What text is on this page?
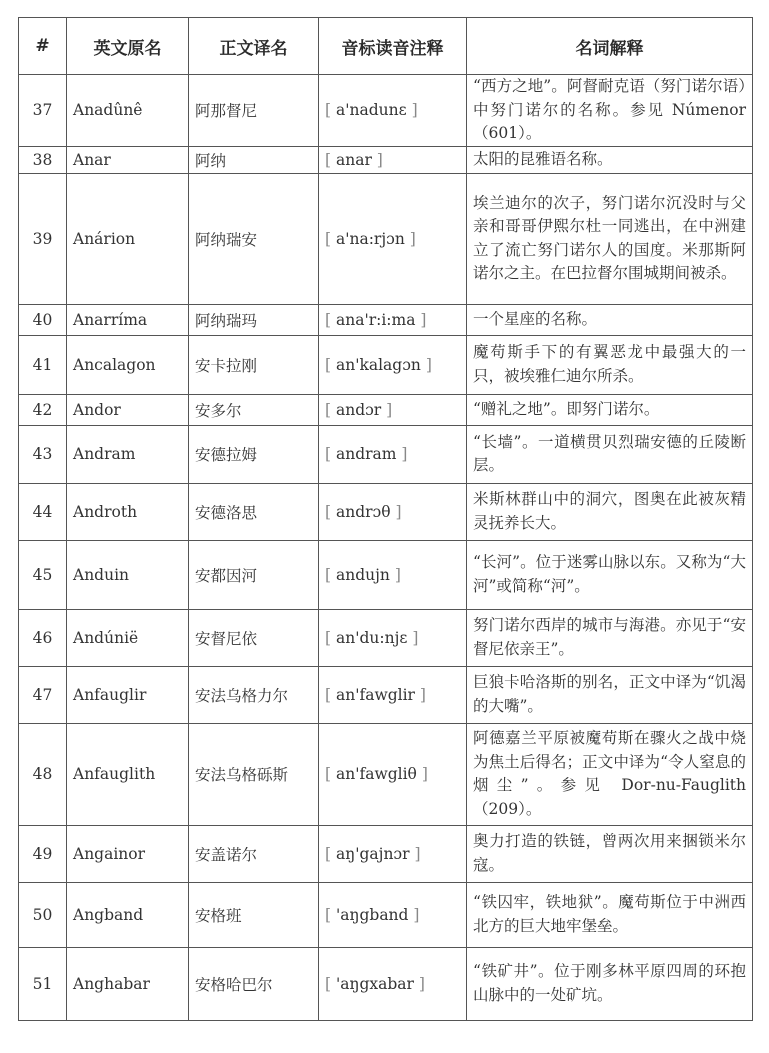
#	英文原名	正文译名	音标读音注释	名词解释
37	Anadûnê	阿那督尼	[ a'nadunɛ ]	“西方之地”。阿督耐克语（努门诺尔语）中努门诺尔的名称。参见 Númenor（601）。
38	Anar	阿纳	[ anar ]	太阳的昆雅语名称。
39	Anárion	阿纳瑞安	[ a'na:rjɔn ]	埃兰迪尔的次子，努门诺尔沉没时与父亲和哥哥伊熙尔杜一同逃出，在中洲建立了流亡努门诺尔人的国度。米那斯阿诺尔之主。在巴拉督尔围城期间被杀。
40	Anarríma	阿纳瑞玛	[ ana'r:i:ma ]	一个星座的名称。
41	Ancalagon	安卡拉刚	[ an'kalagɔn ]	魔苟斯手下的有翼恶龙中最强大的一只，被埃雅仁迪尔所杀。
42	Andor	安多尔	[ andɔr ]	“赠礼之地”。即努门诺尔。
43	Andram	安德拉姆	[ andram ]	“长墙”。一道横贯贝烈瑞安德的丘陵断层。
44	Androth	安德洛思	[ andrɔθ ]	米斯林群山中的洞穴，图奥在此被灰精灵抚养长大。
45	Anduin	安都因河	[ andujn ]	“长河”。位于迷雾山脉以东。又称为“大河”或简称“河”。
46	Andúnië	安督尼依	[ an'du:njɛ ]	努门诺尔西岸的城市与海港。亦见于“安督尼依亲王”。
47	Anfauglir	安法乌格力尔	[ an'fawglir ]	巨狼卡哈洛斯的别名，正文中译为“饥渴的大嘴”。
48	Anfauglith	安法乌格砾斯	[ an'fawgliθ ]	阿德嘉兰平原被魔苟斯在骤火之战中烧为焦土后得名；正文中译为“令人窒息的烟尘”。参见 Dor-nu-Fauglith（209）。
49	Angainor	安盖诺尔	[ aŋ'gajnɔr ]	奥力打造的铁链，曾两次用来捆锁米尔寇。
50	Angband	安格班	[ 'aŋgband ]	“铁囚牢，铁地狱”。魔苟斯位于中洲西北方的巨大地牢堡垒。
51	Anghabar	安格哈巴尔	[ 'aŋgxabar ]	“铁矿井”。位于刚多林平原四周的环抱山脉中的一处矿坑。
